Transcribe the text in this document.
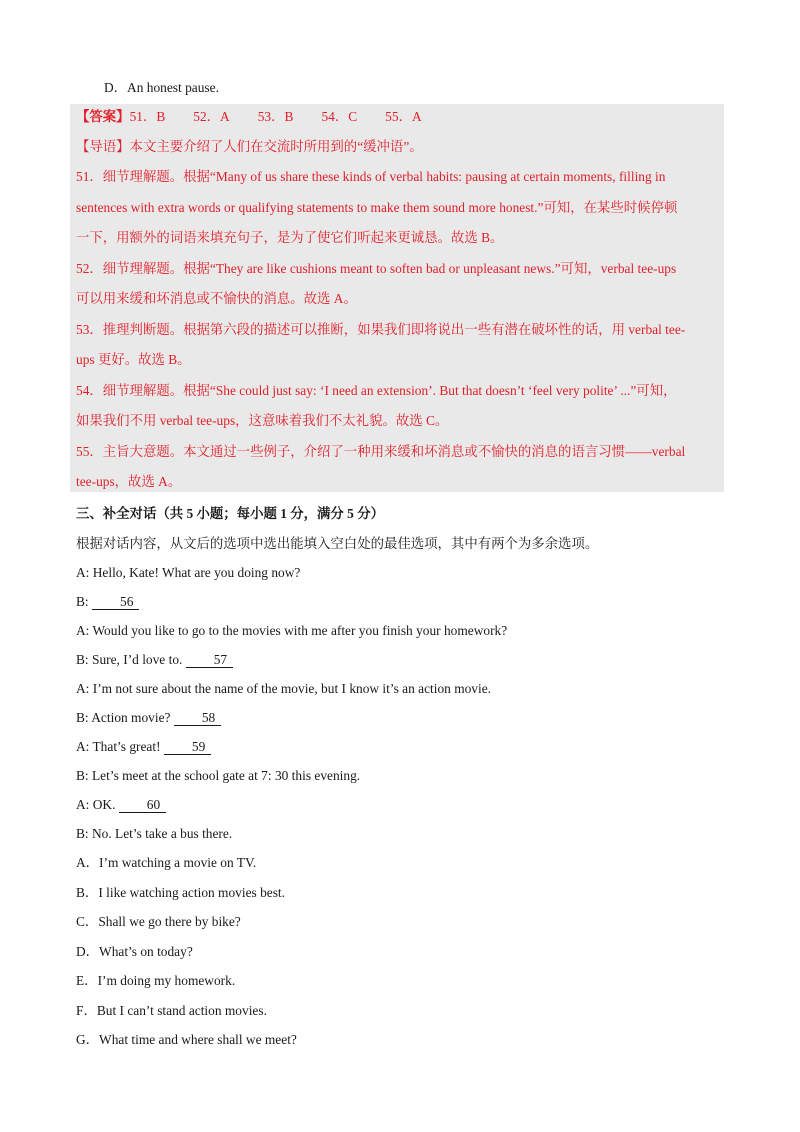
D．An honest pause.
【答案】51．B 52．A 53．B 54．C 55．A
【导语】本文主要介绍了人们在交流时所用到的“缓冲语”。
51．细节理解题。根据“Many of us share these kinds of verbal habits: pausing at certain moments, filling in
sentences with extra words or qualifying statements to make them sound more honest.”可知，在某些时候停顿
一下，用额外的词语来填充句子，是为了使它们听起来更诚恳。故选 B。
52．细节理解题。根据“They are like cushions meant to soften bad or unpleasant news.”可知，verbal tee-ups
可以用来缓和坏消息或不愉快的消息。故选 A。
53．推理判断题。根据第六段的描述可以推断，如果我们即将说出一些有潜在破坏性的话，用 verbal tee-
ups 更好。故选 B。
54．细节理解题。根据“She could just say: ‘I need an extension’. But that doesn’t ‘feel very polite’ ...”可知，
如果我们不用 verbal tee-ups，这意味着我们不太礼貌。故选 C。
55．主旨大意题。本文通过一些例子，介绍了一种用来缓和坏消息或不愉快的消息的语言习惯——verbal
tee-ups，故选 A。
三、补全对话（共 5 小题；每小题 1 分，满分 5 分）
根据对话内容，从文后的选项中选出能填入空白处的最佳选项，其中有两个为多余选项。
A: Hello, Kate! What are you doing now?
B: 56
A: Would you like to go to the movies with me after you finish your homework?
B: Sure, I’d love to. 57
A: I’m not sure about the name of the movie, but I know it’s an action movie.
B: Action movie? 58
A: That’s great! 59
B: Let’s meet at the school gate at 7: 30 this evening.
A: OK. 60
B: No. Let’s take a bus there.
A．I’m watching a movie on TV.
B．I like watching action movies best.
C．Shall we go there by bike?
D．What’s on today?
E．I’m doing my homework.
F．But I can’t stand action movies.
G．What time and where shall we meet?
